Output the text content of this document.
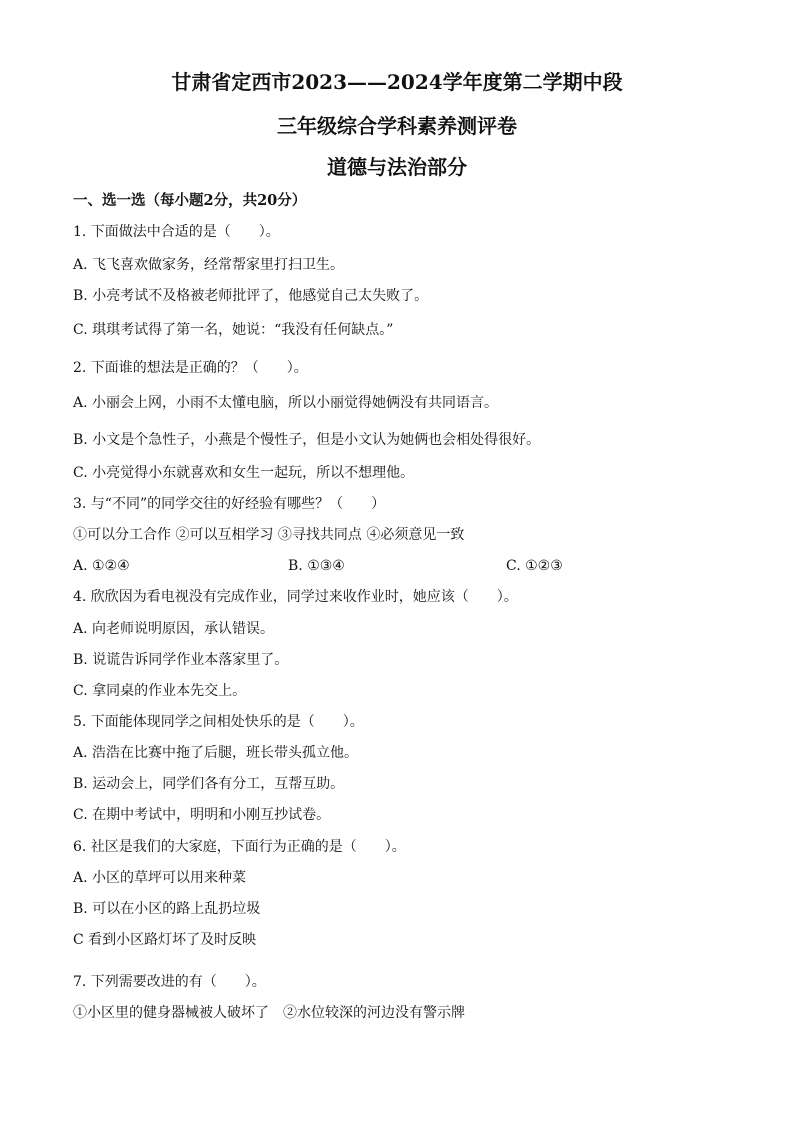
甘肃省定西市2023——2024学年度第二学期中段
三年级综合学科素养测评卷
道德与法治部分
一、选一选（每小题2分，共20分）
1. 下面做法中合适的是（　　）。
A. 飞飞喜欢做家务，经常帮家里打扫卫生。
B. 小亮考试不及格被老师批评了，他感觉自己太失败了。
C. 琪琪考试得了第一名，她说：“我没有任何缺点。”
2. 下面谁的想法是正确的？（　　）。
A. 小丽会上网，小雨不太懂电脑，所以小丽觉得她俩没有共同语言。
B. 小文是个急性子，小燕是个慢性子，但是小文认为她俩也会相处得很好。
C. 小亮觉得小东就喜欢和女生一起玩，所以不想理他。
3. 与“不同”的同学交往的好经验有哪些？（　　）
①可以分工合作 ②可以互相学习 ③寻找共同点 ④必须意见一致
A. ①②④	B. ①③④	C. ①②③
4. 欣欣因为看电视没有完成作业，同学过来收作业时，她应该（　　）。
A. 向老师说明原因，承认错误。
B. 说谎告诉同学作业本落家里了。
C. 拿同桌的作业本先交上。
5. 下面能体现同学之间相处快乐的是（　　）。
A. 浩浩在比赛中拖了后腿，班长带头孤立他。
B. 运动会上，同学们各有分工，互帮互助。
C. 在期中考试中，明明和小刚互抄试卷。
6. 社区是我们的大家庭，下面行为正确的是（　　）。
A. 小区的草坪可以用来种菜
B. 可以在小区的路上乱扔垃圾
C 看到小区路灯坏了及时反映
7. 下列需要改进的有（　　）。
①小区里的健身器械被人破坏了　②水位较深的河边没有警示牌
